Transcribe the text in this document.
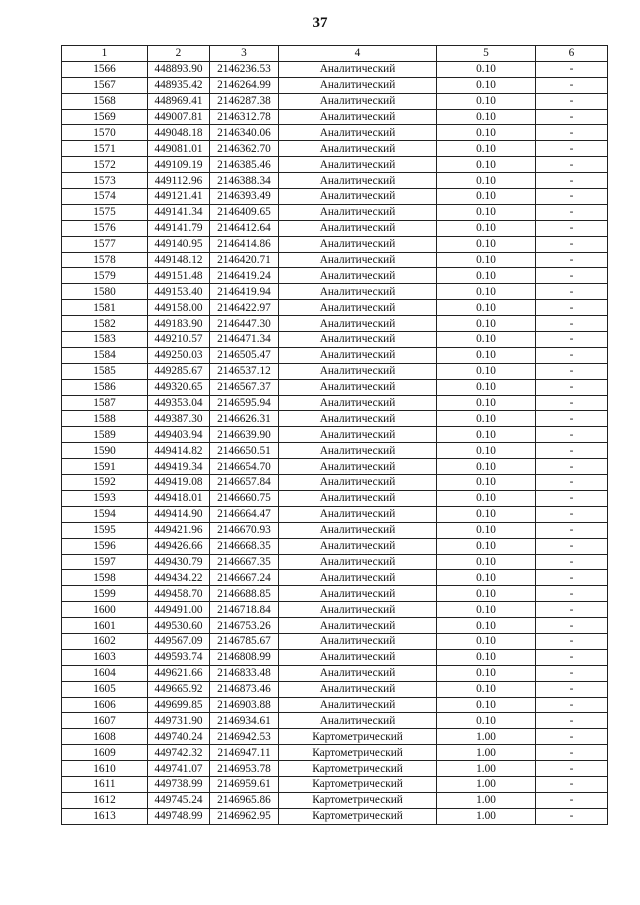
37
1	2	3	4	5	6
1566	448893.90	2146236.53	Аналитический	0.10	-
1567	448935.42	2146264.99	Аналитический	0.10	-
1568	448969.41	2146287.38	Аналитический	0.10	-
1569	449007.81	2146312.78	Аналитический	0.10	-
1570	449048.18	2146340.06	Аналитический	0.10	-
1571	449081.01	2146362.70	Аналитический	0.10	-
1572	449109.19	2146385.46	Аналитический	0.10	-
1573	449112.96	2146388.34	Аналитический	0.10	-
1574	449121.41	2146393.49	Аналитический	0.10	-
1575	449141.34	2146409.65	Аналитический	0.10	-
1576	449141.79	2146412.64	Аналитический	0.10	-
1577	449140.95	2146414.86	Аналитический	0.10	-
1578	449148.12	2146420.71	Аналитический	0.10	-
1579	449151.48	2146419.24	Аналитический	0.10	-
1580	449153.40	2146419.94	Аналитический	0.10	-
1581	449158.00	2146422.97	Аналитический	0.10	-
1582	449183.90	2146447.30	Аналитический	0.10	-
1583	449210.57	2146471.34	Аналитический	0.10	-
1584	449250.03	2146505.47	Аналитический	0.10	-
1585	449285.67	2146537.12	Аналитический	0.10	-
1586	449320.65	2146567.37	Аналитический	0.10	-
1587	449353.04	2146595.94	Аналитический	0.10	-
1588	449387.30	2146626.31	Аналитический	0.10	-
1589	449403.94	2146639.90	Аналитический	0.10	-
1590	449414.82	2146650.51	Аналитический	0.10	-
1591	449419.34	2146654.70	Аналитический	0.10	-
1592	449419.08	2146657.84	Аналитический	0.10	-
1593	449418.01	2146660.75	Аналитический	0.10	-
1594	449414.90	2146664.47	Аналитический	0.10	-
1595	449421.96	2146670.93	Аналитический	0.10	-
1596	449426.66	2146668.35	Аналитический	0.10	-
1597	449430.79	2146667.35	Аналитический	0.10	-
1598	449434.22	2146667.24	Аналитический	0.10	-
1599	449458.70	2146688.85	Аналитический	0.10	-
1600	449491.00	2146718.84	Аналитический	0.10	-
1601	449530.60	2146753.26	Аналитический	0.10	-
1602	449567.09	2146785.67	Аналитический	0.10	-
1603	449593.74	2146808.99	Аналитический	0.10	-
1604	449621.66	2146833.48	Аналитический	0.10	-
1605	449665.92	2146873.46	Аналитический	0.10	-
1606	449699.85	2146903.88	Аналитический	0.10	-
1607	449731.90	2146934.61	Аналитический	0.10	-
1608	449740.24	2146942.53	Картометрический	1.00	-
1609	449742.32	2146947.11	Картометрический	1.00	-
1610	449741.07	2146953.78	Картометрический	1.00	-
1611	449738.99	2146959.61	Картометрический	1.00	-
1612	449745.24	2146965.86	Картометрический	1.00	-
1613	449748.99	2146962.95	Картометрический	1.00	-
